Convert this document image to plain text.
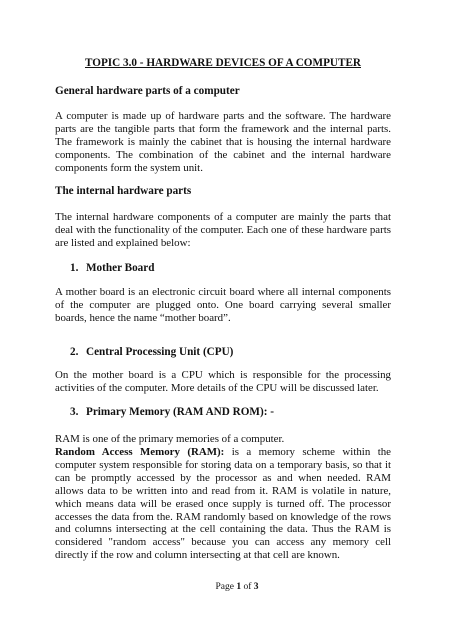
TOPIC 3.0 - HARDWARE DEVICES OF A COMPUTER
General hardware parts of a computer

A computer is made up of hardware parts and the software. The hardware parts are the tangible parts that form the framework and the internal parts. The framework is mainly the cabinet that is housing the internal hardware components. The combination of the cabinet and the internal hardware components form the system unit.

The internal hardware parts

The internal hardware components of a computer are mainly the parts that deal with the functionality of the computer. Each one of these hardware parts are listed and explained below:

1. Mother Board

A mother board is an electronic circuit board where all internal components of the computer are plugged onto. One board carrying several smaller boards, hence the name “mother board”.

2. Central Processing Unit (CPU)

On the mother board is a CPU which is responsible for the processing activities of the computer. More details of the CPU will be discussed later.

3. Primary Memory (RAM AND ROM): -

RAM is one of the primary memories of a computer.

Random Access Memory (RAM): is a memory scheme within the computer system responsible for storing data on a temporary basis, so that it can be promptly accessed by the processor as and when needed. RAM allows data to be written into and read from it. RAM is volatile in nature, which means data will be erased once supply is turned off. The processor accesses the data from the. RAM randomly based on knowledge of the rows and columns intersecting at the cell containing the data. Thus the RAM is considered "random access" because you can access any memory cell directly if the row and column intersecting at that cell are known.

Page 1 of 3
